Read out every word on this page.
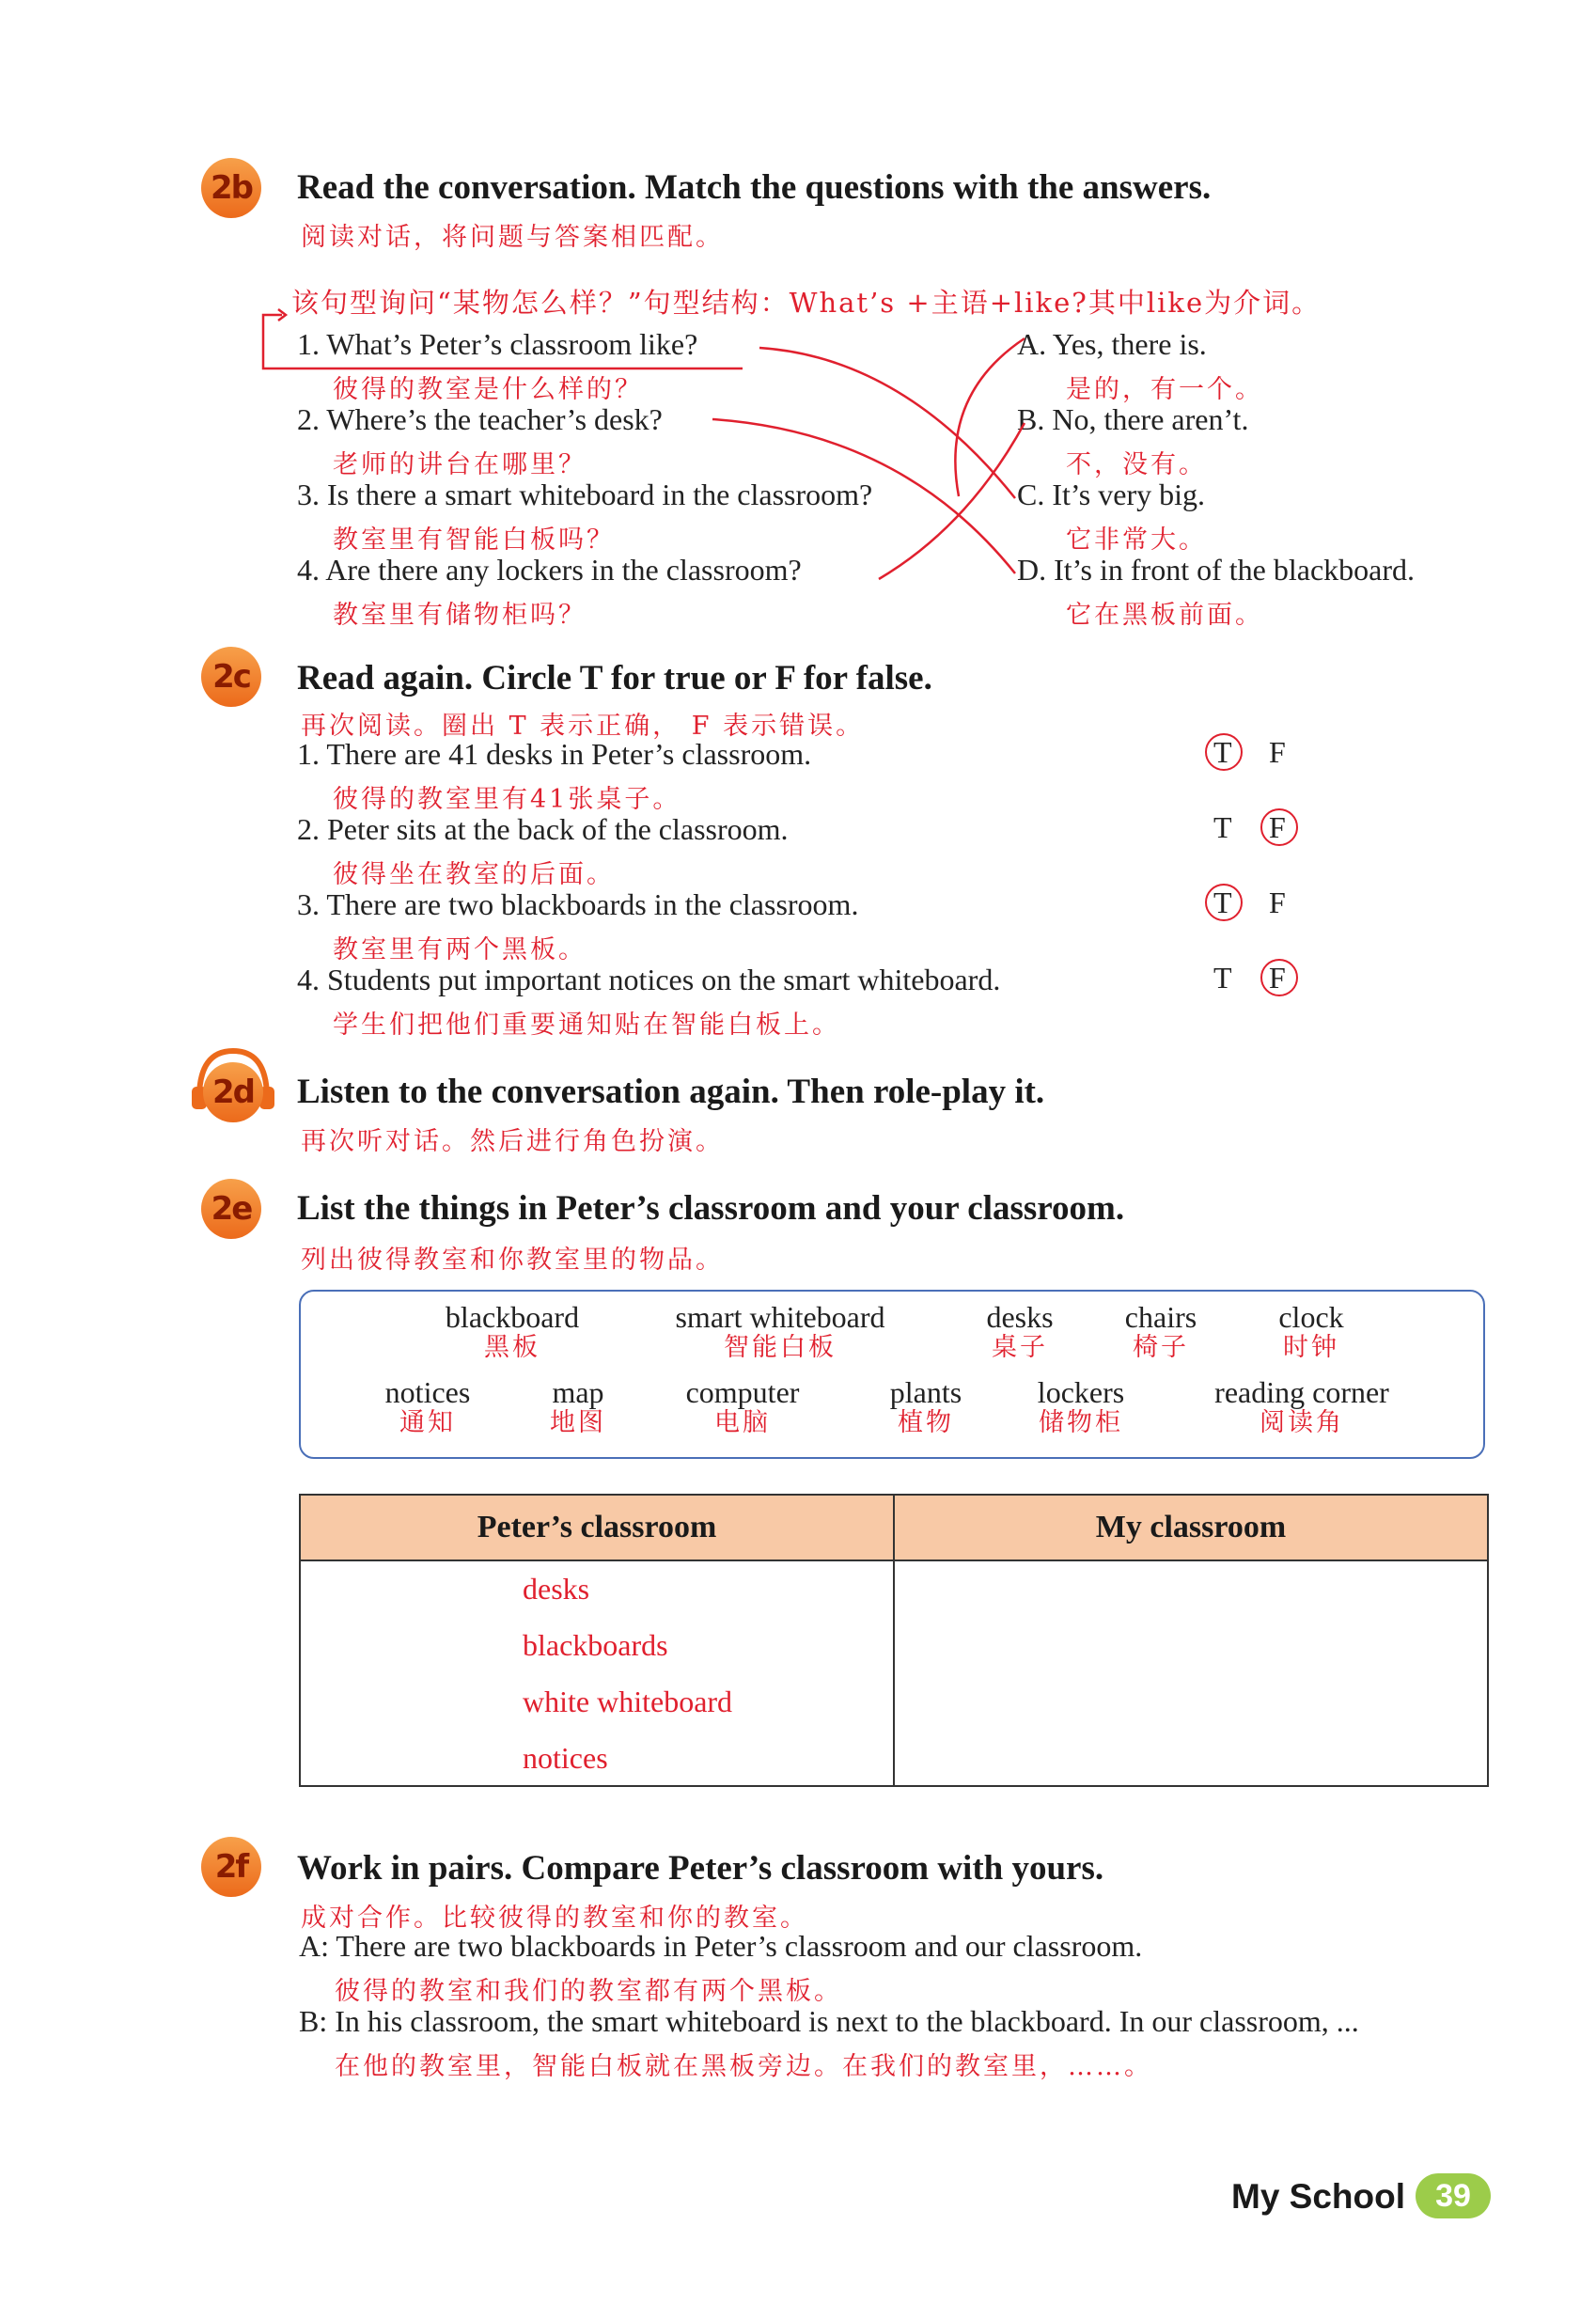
2b Read the conversation. Match the questions with the answers.
阅读对话，将问题与答案相匹配。
该句型询问“某物怎么样？”句型结构：What’s +主语+like?其中like为介词。
1. What’s Peter’s classroom like?
彼得的教室是什么样的？
2. Where’s the teacher’s desk?
老师的讲台在哪里？
3. Is there a smart whiteboard in the classroom?
教室里有智能白板吗？
4. Are there any lockers in the classroom?
教室里有储物柜吗？
A. Yes, there is.
是的，有一个。
B. No, there aren’t.
不，没有。
C. It’s very big.
它非常大。
D. It’s in front of the blackboard.
它在黑板前面。
2c	Read again. Circle T for true or F for false.
再次阅读。圈出 T 表示正确， F 表示错误。
1. There are 41 desks in Peter’s classroom.
彼得的教室里有41张桌子。
2. Peter sits at the back of the classroom.
彼得坐在教室的后面。
3. There are two blackboards in the classroom.
教室里有两个黑板。
4. Students put important notices on the smart whiteboard.
学生们把他们重要通知贴在智能白板上。
T F
T F
T F
T F
2d Listen to the conversation again. Then role-play it.
再次听对话。然后进行角色扮演。
2e List the things in Peter’s classroom and your classroom.
列出彼得教室和你教室里的物品。
blackboard
黑板
smart whiteboard
智能白板
desks
桌子
chairs
椅子
clock
时钟
notices
通知
map
地图
computer
电脑
plants
植物
lockers
储物柜
reading corner
阅读角
Peter’s classroom	My classroom

desks
blackboards
white whiteboard
notices
2f	Work in pairs. Compare Peter’s classroom with yours.
成对合作。比较彼得的教室和你的教室。
A: There are two blackboards in Peter’s classroom and our classroom.
彼得的教室和我们的教室都有两个黑板。
B: In his classroom, the smart whiteboard is next to the blackboard. In our classroom, ...
在他的教室里，智能白板就在黑板旁边。在我们的教室里，……。
My School 39
